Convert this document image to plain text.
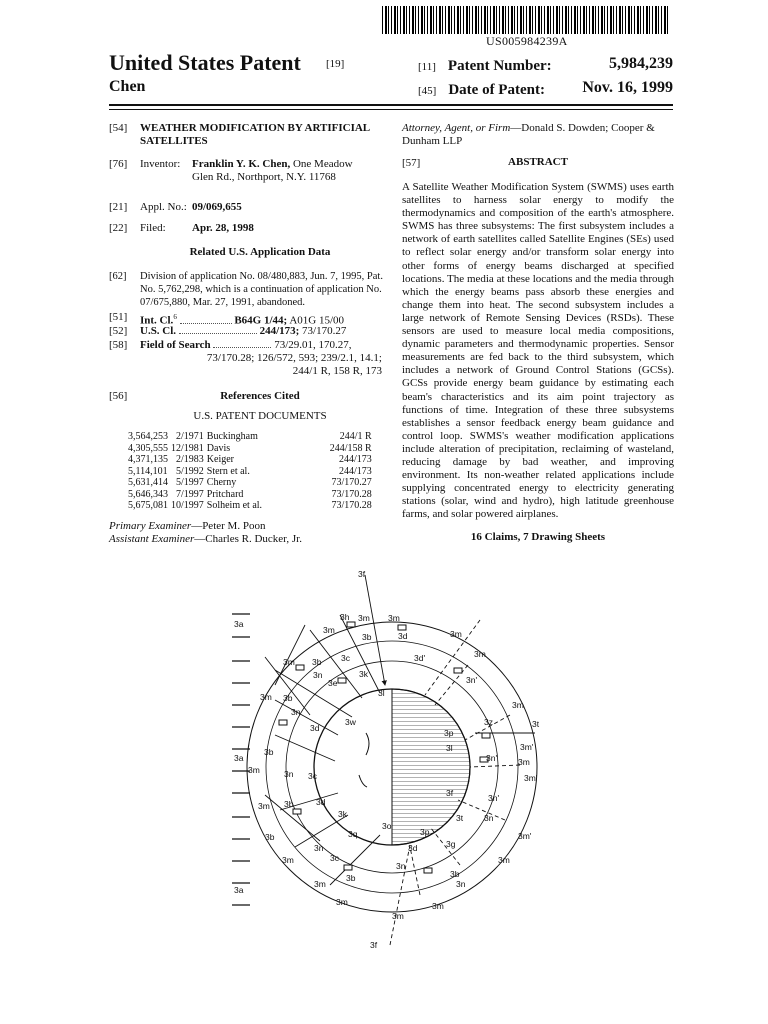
US005984239A
United States Patent [19]
Chen
[11] Patent Number:	5,984,239
[45] Date of Patent: Nov. 16, 1999
[54] WEATHER MODIFICATION BY ARTIFICIAL
SATELLITES
[76] Inventor: Franklin Y. K. Chen, One Meadow
Glen Rd., Northport, N.Y. 11768
[21] Appl. No.: 09/069,655
[22] Filed: Apr. 28, 1998
Related U.S. Application Data
[62] Division of application No. 08/480,883, Jun. 7, 1995, Pat.
No. 5,762,298, which is a continuation of application No.
07/675,880, Mar. 27, 1991, abandoned.
[51] Int. Cl.$^6$	B64G 1/44; A01G 15/00
[52] U.S. Cl.	244/173; 73/170.27
[58] Field of Search	73/29.01, 170.27,
73/170.28; 126/572, 593; 239/2.1, 14.1;
244/1 R, 158 R, 173
[56]	References Cited
U.S. PATENT DOCUMENTS
3,564,253	2/1971	Buckingham	244/1 R
4,305,555	12/1981	Davis	244/158 R
4,371,135	2/1983	Keiger	244/173
5,114,101	5/1992	Stern et al.	244/173
5,631,414	5/1997	Cherny	73/170.27
5,646,343	7/1997	Pritchard	73/170.28
5,675,081	10/1997	Solheim et al.	73/170.28
Primary Examiner—Peter M. Poon
Assistant Examiner—Charles R. Ducker, Jr.
Attorney, Agent, or Firm—Donald S. Dowden; Cooper &
Dunham LLP
[57]	ABSTRACT
A Satellite Weather Modification System (SWMS) uses earth satellites to harness solar energy to modify the thermodynamics and composition of the earth's atmosphere. SWMS has three subsystems: The first subsystem includes a network of earth satellites called Satellite Engines (SEs) used to reflect solar energy and/or transform solar energy into other forms of energy beams discharged at specified locations. The media at these locations and the media through which the energy beams pass absorb these energies and change them into heat. The second subsystem includes a large network of Remote Sensing Devices (RSDs). These sensors are used to measure local media compositions, dynamic parameters and thermodynamic properties. Sensor measurements are fed back to the third subsystem, which includes a network of Ground Control Stations (GCSs). GCSs provide energy beam guidance by estimating each beam's characteristics and its aim point trajectory as functions of time. Integration of these three subsystems establishes a sensor feedback energy beam guidance and control loop. SWMS's weather modification applications include alteration of precipitation, reclaiming of wasteland, reducing damage by bad weather, and improving environment. Its non-weather related applications include supplying concentrated energy to electricity generating stations (solar, wind and hydro), high latitude greenhouse farms, and solar powered airplanes.
16 Claims, 7 Drawing Sheets
3f
3a
3a
3a
3h 3m 3m
3m
3d	3m
3b
3m 3b 3c
3n
3e
3k
3l
3d'	3m
3n'
3m
3m 3b
3n
3d
3w	3t
3z
3p
3m'
3b
3m	3n 3c
3l
3n' 3m
3m'
3n'
3f
3m 3b	3d
3k	3t 3n
3m'
3b
3m
3n
3q
3o
3p
3g
3c
3d
3m
3b
3n
3b
3n
3m
3m
3m
3m
3f
